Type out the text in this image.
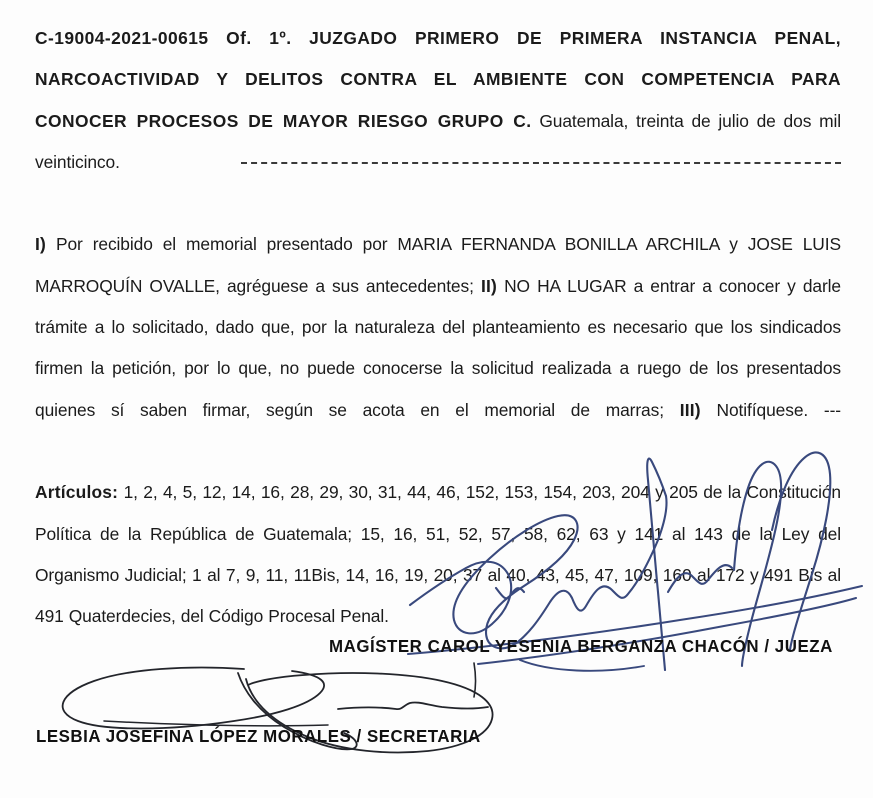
C-19004-2021-00615 Of. 1º. JUZGADO PRIMERO DE PRIMERA INSTANCIA PENAL, NARCOACTIVIDAD Y DELITOS CONTRA EL AMBIENTE CON COMPETENCIA PARA CONOCER PROCESOS DE MAYOR RIESGO GRUPO C. Guatemala, treinta de julio de dos mil veinticinco.

I) Por recibido el memorial presentado por MARIA FERNANDA BONILLA ARCHILA y JOSE LUIS MARROQUÍN OVALLE, agréguese a sus antecedentes; II) NO HA LUGAR a entrar a conocer y darle trámite a lo solicitado, dado que, por la naturaleza del planteamiento es necesario que los sindicados firmen la petición, por lo que, no puede conocerse la solicitud realizada a ruego de los presentados quienes sí saben firmar, según se acota en el memorial de marras; III) Notifíquese. ---

Artículos: 1, 2, 4, 5, 12, 14, 16, 28, 29, 30, 31, 44, 46, 152, 153, 154, 203, 204 y 205 de la Constitución Política de la República de Guatemala; 15, 16, 51, 52, 57, 58, 62, 63 y 141 al 143 de la Ley del Organismo Judicial; 1 al 7, 9, 11, 11Bis, 14, 16, 19, 20, 37 al 40, 43, 45, 47, 109, 160 al 172 y 491 Bis al 491 Quaterdecies, del Código Procesal Penal.

MAGÍSTER CAROL YESENIA BERGANZA CHACÓN / JUEZA
LESBIA JOSEFINA LÓPEZ MORALES / SECRETARIA
